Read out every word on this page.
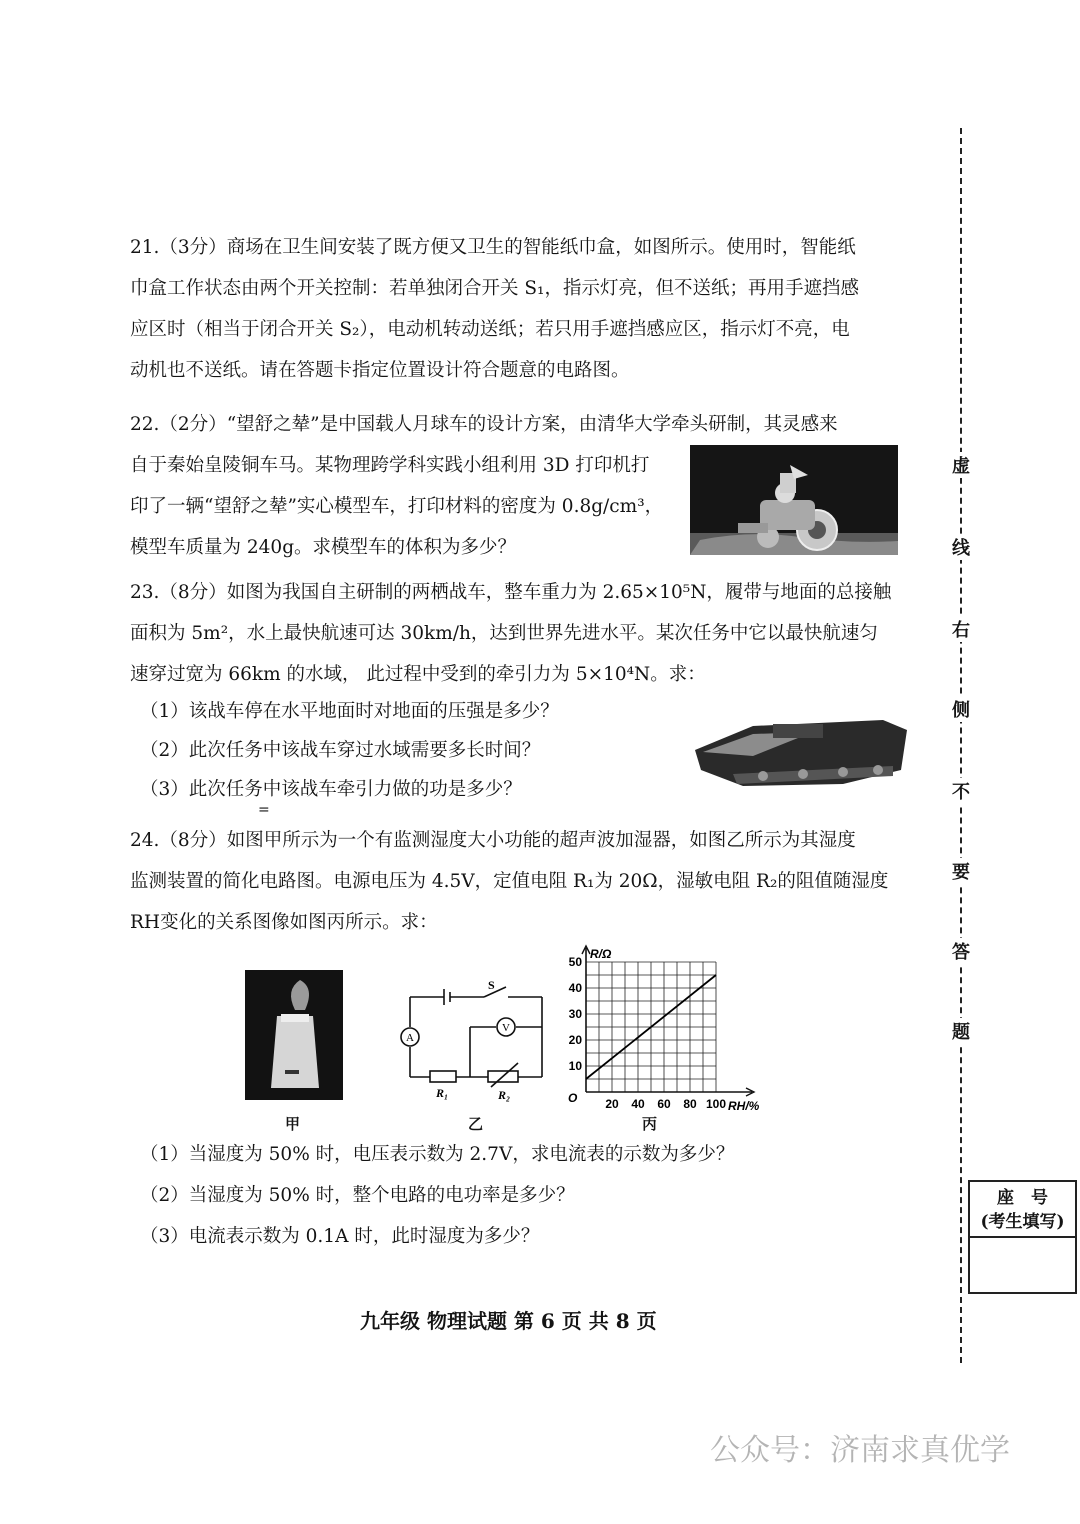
21.（3分）商场在卫生间安装了既方便又卫生的智能纸巾盒，如图所示。使用时，智能纸
巾盒工作状态由两个开关控制：若单独闭合开关 S₁，指示灯亮，但不送纸；再用手遮挡感
应区时（相当于闭合开关 S₂），电动机转动送纸；若只用手遮挡感应区，指示灯不亮，电
动机也不送纸。请在答题卡指定位置设计符合题意的电路图。
22.（2分）“望舒之辇”是中国载人月球车的设计方案，由清华大学牵头研制，其灵感来
自于秦始皇陵铜车马。某物理跨学科实践小组利用 3D 打印机打
印了一辆“望舒之辇”实心模型车，打印材料的密度为 0.8g/cm³，
模型车质量为 240g。求模型车的体积为多少？
23.（8分）如图为我国自主研制的两栖战车，整车重力为 2.65×10⁵N，履带与地面的总接触
面积为 5m²，水上最快航速可达 30km/h，达到世界先进水平。某次任务中它以最快航速匀
速穿过宽为 66km 的水域， 此过程中受到的牵引力为 5×10⁴N。求：
（1）该战车停在水平地面时对地面的压强是多少？
（2）此次任务中该战车穿过水域需要多长时间？
（3）此次任务中该战车牵引力做的功是多少？
=
24.（8分）如图甲所示为一个有监测湿度大小功能的超声波加湿器，如图乙所示为其湿度
监测装置的简化电路图。电源电压为 4.5V，定值电阻 R₁为 20Ω，湿敏电阻 R₂的阻值随湿度
RH变化的关系图像如图丙所示。求：
甲
A
V
S
R₁	R₂
乙
20 40 60 80 100
10
20
30
40
50
R/Ω
RH/%
O
丙
（1）当湿度为 50% 时，电压表示数为 2.7V，求电流表的示数为多少？
（2）当湿度为 50% 时，整个电路的电功率是多少？
（3）电流表示数为 0.1A 时，此时湿度为多少？
虚
线
右
侧
不
要
答
题
座　号
(考生填写)
九年级 物理试题 第 6 页 共 8 页
公众号：济南求真优学
